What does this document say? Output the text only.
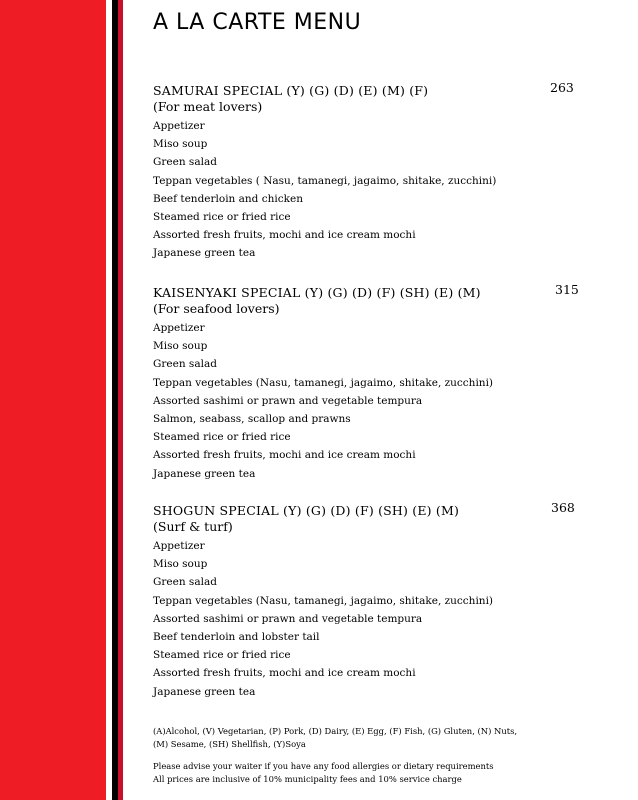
A LA CARTE MENU
SAMURAI SPECIAL (Y) (G) (D) (E) (M) (F)	263
(For meat lovers)
Appetizer
Miso soup
Green salad
Teppan vegetables ( Nasu, tamanegi, jagaimo, shitake, zucchini)
Beef tenderloin and chicken
Steamed rice or fried rice
Assorted fresh fruits, mochi and ice cream mochi
Japanese green tea
KAISENYAKI SPECIAL (Y) (G) (D) (F) (SH) (E) (M)	315
(For seafood lovers)
Appetizer
Miso soup
Green salad
Teppan vegetables (Nasu, tamanegi, jagaimo, shitake, zucchini)
Assorted sashimi or prawn and vegetable tempura
Salmon, seabass, scallop and prawns
Steamed rice or fried rice
Assorted fresh fruits, mochi and ice cream mochi
Japanese green tea
SHOGUN SPECIAL (Y) (G) (D) (F) (SH) (E) (M)	368
(Surf & turf)
Appetizer
Miso soup
Green salad
Teppan vegetables (Nasu, tamanegi, jagaimo, shitake, zucchini)
Assorted sashimi or prawn and vegetable tempura
Beef tenderloin and lobster tail
Steamed rice or fried rice
Assorted fresh fruits, mochi and ice cream mochi
Japanese green tea
(A)Alcohol, (V) Vegetarian, (P) Pork, (D) Dairy, (E) Egg, (F) Fish, (G) Gluten, (N) Nuts,
(M) Sesame, (SH) Shellfish, (Y)Soya
Please advise your waiter if you have any food allergies or dietary requirements
All prices are inclusive of 10% municipality fees and 10% service charge
